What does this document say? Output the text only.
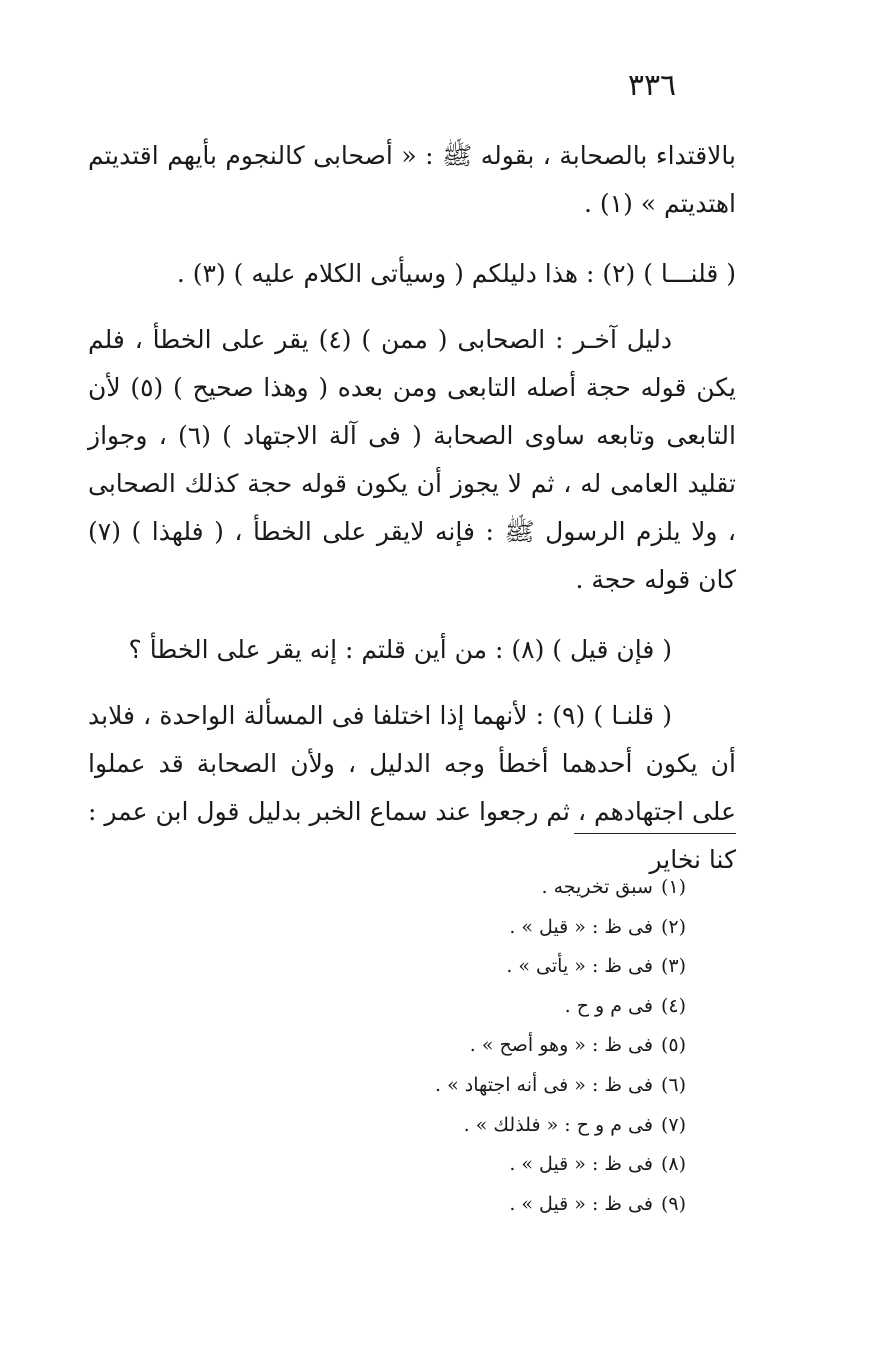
٣٣٦

بالاقتداء بالصحابة ، بقوله ﷺ : « أصحابى كالنجوم بأيهم اقتديتم اهتديتم » (١) .

( قلنـــا ) (٢) : هذا دليلكم ( وسيأتى الكلام عليه ) (٣) .

دليل آخـر : الصحابى ( ممن ) (٤) يقر على الخطأ ، فلم يكن قوله حجة أصله التابعى ومن بعده ( وهذا صحيح ) (٥) لأن التابعى وتابعه ساوى الصحابة ( فى آلة الاجتهاد ) (٦) ، وجواز تقليد العامى له ، ثم لا يجوز أن يكون قوله حجة كذلك الصحابى ، ولا يلزم الرسول ﷺ : فإنه لايقر على الخطأ ، ( فلهذا ) (٧) كان قوله حجة .

( فإن قيل ) (٨) : من أين قلتم : إنه يقر على الخطأ ؟

( قلنـا ) (٩) : لأنهما إذا اختلفا فى المسألة الواحدة ، فلابد أن يكون أحدهما أخطأ وجه الدليل ، ولأن الصحابة قد عملوا على اجتهادهم ، ثم رجعوا عند سماع الخبر بدليل قول ابن عمر : كنا نخاير

(١)سبق تخريجه .
(٢)فى ظ : « قيل » .
(٣)فى ظ : « يأتى » .
(٤)فى م و ح .
(٥)فى ظ : « وهو أصح » .
(٦)فى ظ : « فى أنه اجتهاد » .
(٧)فى م و ح : « فلذلك » .
(٨)فى ظ : « قيل » .
(٩)فى ظ : « قيل » .
